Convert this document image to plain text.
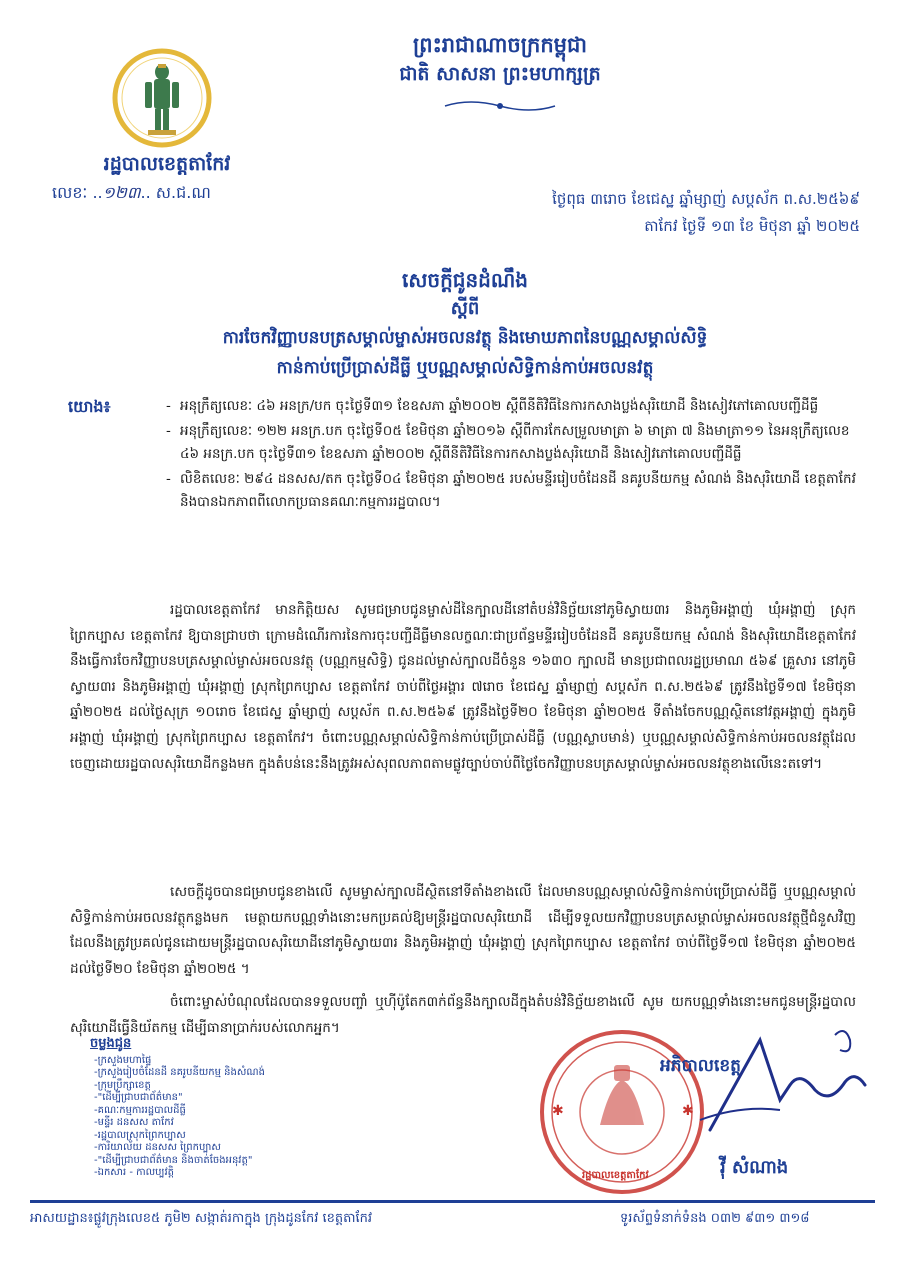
រដ្ឋបាលខេត្តតាកែវ
លេខៈ ..១២៣.. ស.ជ.ណ
ព្រះរាជាណាចក្រកម្ពុជា
ជាតិ សាសនា ព្រះមហាក្សត្រ
ថ្ងៃពុធ ៣រោច ខែជេស្ឋ ឆ្នាំម្សាញ់ សប្តស័ក ព.ស.២៥៦៩
តាកែវ ថ្ងៃទី ១៣ ខែ មិថុនា ឆ្នាំ ២០២៥
សេចក្តីជូនដំណឹង
ស្តីពី
ការចែកវិញ្ញាបនបត្រសម្គាល់ម្ចាស់អចលនវត្ថុ និងមោឃភាពនៃបណ្ណសម្គាល់សិទ្ធិ
កាន់កាប់ប្រើប្រាស់ដីធ្លី ឬបណ្ណសម្គាល់សិទ្ធិកាន់កាប់អចលនវត្ថុ
យោង៖
-	អនុក្រឹត្យលេខៈ ៤៦ អនក្រ/បក ចុះថ្ងៃទី៣១ ខែឧសភា ឆ្នាំ២០០២ ស្តីពីនីតិវិធីនៃការកសាងប្លង់សុរិយោដី និងសៀវភៅគោលបញ្ជីដីធ្លី
- អនុក្រឹត្យលេខៈ ១២២ អនក្រ.បក ចុះថ្ងៃទី០៥ ខែមិថុនា ឆ្នាំ២០១៦ ស្តីពីការកែសម្រួលមាត្រា ៦ មាត្រា ៧ និងមាត្រា១១ នៃអនុក្រឹត្យលេខ ៤៦ អនក្រ.បក ចុះថ្ងៃទី៣១ ខែឧសភា ឆ្នាំ២០០២ ស្តីពីនីតិវិធីនៃការកសាងប្លង់សុរិយោដី និងសៀវភៅគោលបញ្ជីដីធ្លី
- លិខិតលេខៈ ២៩៤ ដនសស/តក ចុះថ្ងៃទី០៤ ខែមិថុនា ឆ្នាំ២០២៥ របស់មន្ទីររៀបចំដែនដី នគរូបនីយកម្ម សំណង់ និងសុរិយោដី ខេត្តតាកែវ និងបានឯកភាពពីលោកប្រធានគណៈកម្មការរដ្ឋបាល។
រដ្ឋបាលខេត្តតាកែវ មានកិត្តិយស សូមជម្រាបជូនម្ចាស់ដីនៃក្បាលដីនៅតំបន់វិនិច្ឆ័យនៅភូមិស្វាយ៣រ និងភូមិអង្គាញ់ ឃុំអង្គាញ់ ស្រុកព្រៃកប្បាស ខេត្តតាកែវ ឱ្យបានជ្រាបថា ក្រោមដំណើរការនៃការចុះបញ្ជីដីធ្លីមានលក្ខណៈជាប្រព័ន្ធមន្ទីររៀបចំដែនដី នគរូបនីយកម្ម សំណង់ និងសុរិយោដីខេត្តតាកែវនឹងធ្វើការចែកវិញ្ញាបនបត្រសម្គាល់ម្ចាស់អចលនវត្ថុ (បណ្ណកម្មសិទ្ធិ) ជូនដល់ម្ចាស់ក្បាលដីចំនួន ១៦៣០ ក្បាលដី មានប្រជាពលរដ្ឋប្រមាណ ៥៦៩ គ្រួសារ នៅភូមិស្វាយ៣រ និងភូមិអង្គាញ់ ឃុំអង្គាញ់ ស្រុកព្រៃកប្បាស ខេត្តតាកែវ ចាប់ពីថ្ងៃអង្គារ ៧រោច ខែជេស្ឋ ឆ្នាំម្សាញ់ សប្តស័ក ព.ស.២៥៦៩ ត្រូវនឹងថ្ងៃទី១៧ ខែមិថុនា ឆ្នាំ២០២៥ ដល់ថ្ងៃសុក្រ ១០រោច ខែជេស្ឋ ឆ្នាំម្សាញ់ សប្តស័ក ព.ស.២៥៦៩ ត្រូវនឹងថ្ងៃទី២០ ខែមិថុនា ឆ្នាំ២០២៥ ទីតាំងចែកបណ្ណស្ថិតនៅវត្តអង្គាញ់ ក្នុងភូមិអង្គាញ់ ឃុំអង្គាញ់ ស្រុកព្រៃកប្បាស ខេត្តតាកែវ។ ចំពោះបណ្ណសម្គាល់សិទ្ធិកាន់កាប់ប្រើប្រាស់ដីធ្លី (បណ្ណស្លាបមាន់) ឬបណ្ណសម្គាល់សិទ្ធិកាន់កាប់អចលនវត្ថុដែលចេញដោយរដ្ឋបាលសុរិយោដីកន្លងមក ក្នុងតំបន់នេះនឹងត្រូវអស់សុពលភាពតាមផ្លូវច្បាប់ចាប់ពីថ្ងៃចែកវិញ្ញាបនបត្រសម្គាល់ម្ចាស់អចលនវត្ថុខាងលើនេះតទៅ។
សេចក្តីដូចបានជម្រាបជូនខាងលើ សូមម្ចាស់ក្បាលដីស្ថិតនៅទីតាំងខាងលើ ដែលមានបណ្ណសម្គាល់សិទ្ធិកាន់កាប់ប្រើប្រាស់ដីធ្លី ឬបណ្ណសម្គាល់សិទ្ធិកាន់កាប់អចលនវត្ថុកន្លងមក មេត្តាយកបណ្ណទាំងនោះមកប្រគល់ឱ្យមន្ត្រីរដ្ឋបាលសុរិយោដី ដើម្បីទទួលយកវិញ្ញាបនបត្រសម្គាល់ម្ចាស់អចលនវត្ថុថ្មីជំនួសវិញដែលនឹងត្រូវប្រគល់ជូនដោយមន្ត្រីរដ្ឋបាលសុរិយោដីនៅភូមិស្វាយ៣រ និងភូមិអង្គាញ់ ឃុំអង្គាញ់ ស្រុកព្រៃកប្បាស ខេត្តតាកែវ ចាប់ពីថ្ងៃទី១៧ ខែមិថុនា ឆ្នាំ២០២៥ ដល់ថ្ងៃទី២០ ខែមិថុនា ឆ្នាំ២០២៥ ។
ចំពោះម្ចាស់បំណុលដែលបានទទួលបញ្ចាំ ឬហ៊ីប៉ូតែក៣ក់ព័ន្ធនឹងក្បាលដីក្នុងតំបន់វិនិច្ឆ័យខាងលើ សូម យកបណ្ណទាំងនោះមកជូនមន្ត្រីរដ្ឋបាលសុរិយោដីធ្វើនិយ័តកម្ម ដើម្បីធានាប្រាក់របស់លោកអ្នក។
✱	✱
រដ្ឋបាលខេត្តតាកែវ
អភិបាលខេត្ត
វ៉ី សំណាង
ចម្លងជូន
-ក្រសួងមហាផ្ទៃ
-ក្រសួងរៀបចំដែនដី នគរូបនីយកម្ម និងសំណង់
-ក្រុមប្រឹក្សាខេត្ត
-"ដើម្បីជ្រាបជាព័ត៌មាន"
-គណៈកម្មការរដ្ឋបាលដីធ្លី
-មន្ទីរ ដនសស តាកែវ
-រដ្ឋបាលស្រុកព្រៃកប្បាស
-ការិយាល័យ ដនសស ព្រៃកប្បាស
-"ដើម្បីជ្រាបជាព័ត៌មាន និងចាត់ចែងអនុវត្ត"
-ឯកសារ - កាលប្បវត្តិ
អាសយដ្ឋាន៖ផ្លូវក្រុងលេខ៥ ភូមិ២ សង្កាត់រកាក្នុង ក្រុងដូនកែវ ខេត្តតាកែវ	ទូរស័ព្ទទំនាក់ទំនង ០៣២ ៩៣១ ៣១៨
